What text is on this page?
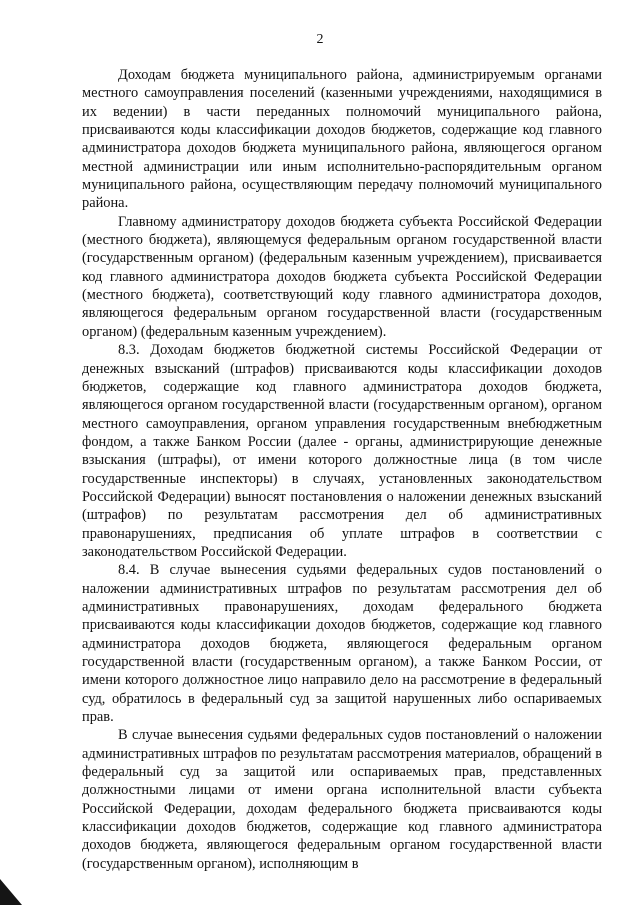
2

Доходам бюджета муниципального района, администрируемым органами местного самоуправления поселений (казенными учреждениями, находящимися в их ведении) в части переданных полномочий муниципального района, присваиваются коды классификации доходов бюджетов, содержащие код главного администратора доходов бюджета муниципального района, являющегося органом местной администрации или иным исполнительно-распорядительным органом муниципального района, осуществляющим передачу полномочий муниципального района.

Главному администратору доходов бюджета субъекта Российской Федерации (местного бюджета), являющемуся федеральным органом государственной власти (государственным органом) (федеральным казенным учреждением), присваивается код главного администратора доходов бюджета субъекта Российской Федерации (местного бюджета), соответствующий коду главного администратора доходов, являющегося федеральным органом государственной власти (государственным органом) (федеральным казенным учреждением).

8.3. Доходам бюджетов бюджетной системы Российской Федерации от денежных взысканий (штрафов) присваиваются коды классификации доходов бюджетов, содержащие код главного администратора доходов бюджета, являющегося органом государственной власти (государственным органом), органом местного самоуправления, органом управления государственным внебюджетным фондом, а также Банком России (далее - органы, администрирующие денежные взыскания (штрафы), от имени которого должностные лица (в том числе государственные инспекторы) в случаях, установленных законодательством Российской Федерации) выносят постановления о наложении денежных взысканий (штрафов) по результатам рассмотрения дел об административных правонарушениях, предписания об уплате штрафов в соответствии с законодательством Российской Федерации.

8.4. В случае вынесения судьями федеральных судов постановлений о наложении административных штрафов по результатам рассмотрения дел об административных правонарушениях, доходам федерального бюджета присваиваются коды классификации доходов бюджетов, содержащие код главного администратора доходов бюджета, являющегося федеральным органом государственной власти (государственным органом), а также Банком России, от имени которого должностное лицо направило дело на рассмотрение в федеральный суд, обратилось в федеральный суд за защитой нарушенных либо оспариваемых прав.

В случае вынесения судьями федеральных судов постановлений о наложении административных штрафов по результатам рассмотрения материалов, обращений в федеральный суд за защитой или оспариваемых прав, представленных должностными лицами от имени органа исполнительной власти субъекта Российской Федерации, доходам федерального бюджета присваиваются коды классификации доходов бюджетов, содержащие код главного администратора доходов бюджета, являющегося федеральным органом государственной власти (государственным органом), исполняющим в
